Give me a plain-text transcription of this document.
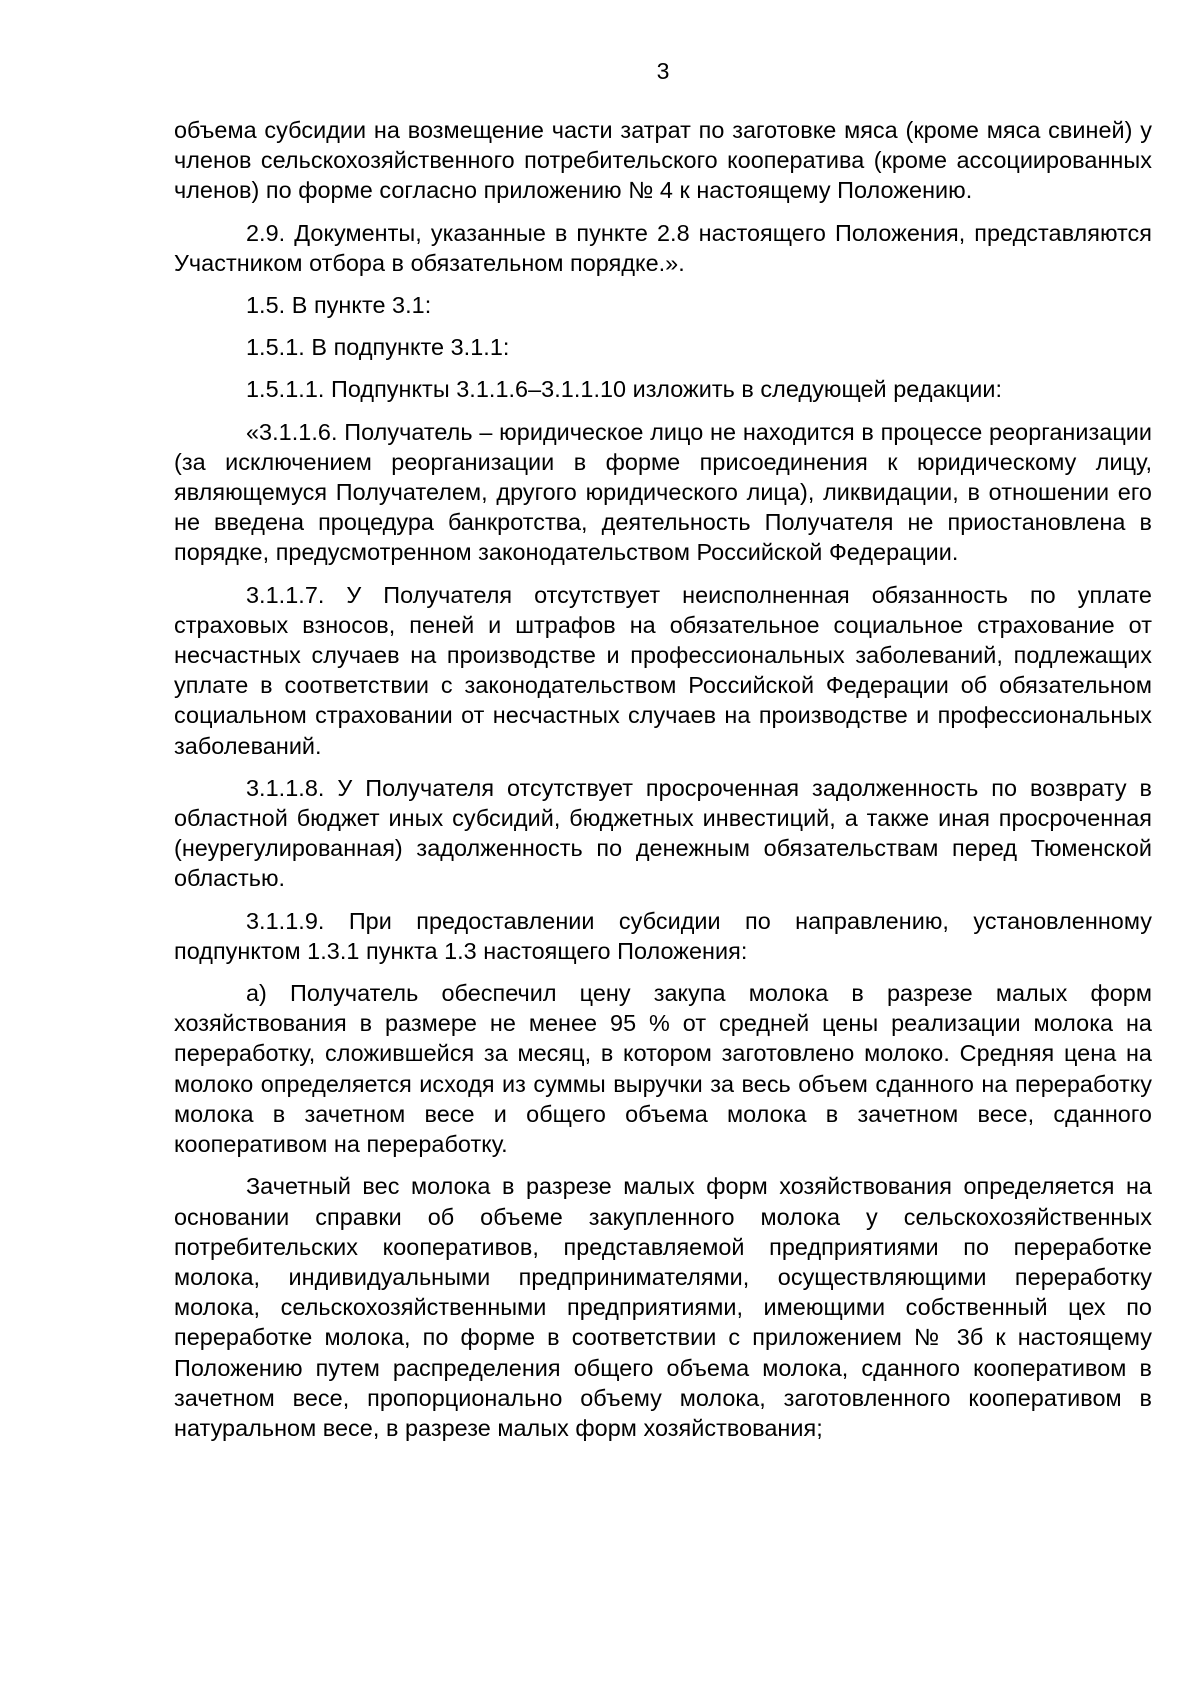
3

объема субсидии на возмещение части затрат по заготовке мяса (кроме мяса свиней) у членов сельскохозяйственного потребительского кооператива (кроме ассоциированных членов) по форме согласно приложению № 4 к настоящему Положению.

2.9. Документы, указанные в пункте 2.8 настоящего Положения, представляются Участником отбора в обязательном порядке.».

1.5. В пункте 3.1:

1.5.1. В подпункте 3.1.1:

1.5.1.1. Подпункты 3.1.1.6–3.1.1.10 изложить в следующей редакции:

«3.1.1.6. Получатель – юридическое лицо не находится в процессе реорганизации (за исключением реорганизации в форме присоединения к юридическому лицу, являющемуся Получателем, другого юридического лица), ликвидации, в отношении его не введена процедура банкротства, деятельность Получателя не приостановлена в порядке, предусмотренном законодательством Российской Федерации.

3.1.1.7. У Получателя отсутствует неисполненная обязанность по уплате страховых взносов, пеней и штрафов на обязательное социальное страхование от несчастных случаев на производстве и профессиональных заболеваний, подлежащих уплате в соответствии с законодательством Российской Федерации об обязательном социальном страховании от несчастных случаев на производстве и профессиональных заболеваний.

3.1.1.8. У Получателя отсутствует просроченная задолженность по возврату в областной бюджет иных субсидий, бюджетных инвестиций, а также иная просроченная (неурегулированная) задолженность по денежным обязательствам перед Тюменской областью.

3.1.1.9. При предоставлении субсидии по направлению, установленному подпунктом 1.3.1 пункта 1.3 настоящего Положения:

а) Получатель обеспечил цену закупа молока в разрезе малых форм хозяйствования в размере не менее 95 % от средней цены реализации молока на переработку, сложившейся за месяц, в котором заготовлено молоко. Средняя цена на молоко определяется исходя из суммы выручки за весь объем сданного на переработку молока в зачетном весе и общего объема молока в зачетном весе, сданного кооперативом на переработку.

Зачетный вес молока в разрезе малых форм хозяйствования определяется на основании справки об объеме закупленного молока у сельскохозяйственных потребительских кооперативов, представляемой предприятиями по переработке молока, индивидуальными предпринимателями, осуществляющими переработку молока, сельскохозяйственными предприятиями, имеющими собственный цех по переработке молока, по форме в соответствии с приложением № 3б к настоящему Положению путем распределения общего объема молока, сданного кооперативом в зачетном весе, пропорционально объему молока, заготовленного кооперативом в натуральном весе, в разрезе малых форм хозяйствования;
